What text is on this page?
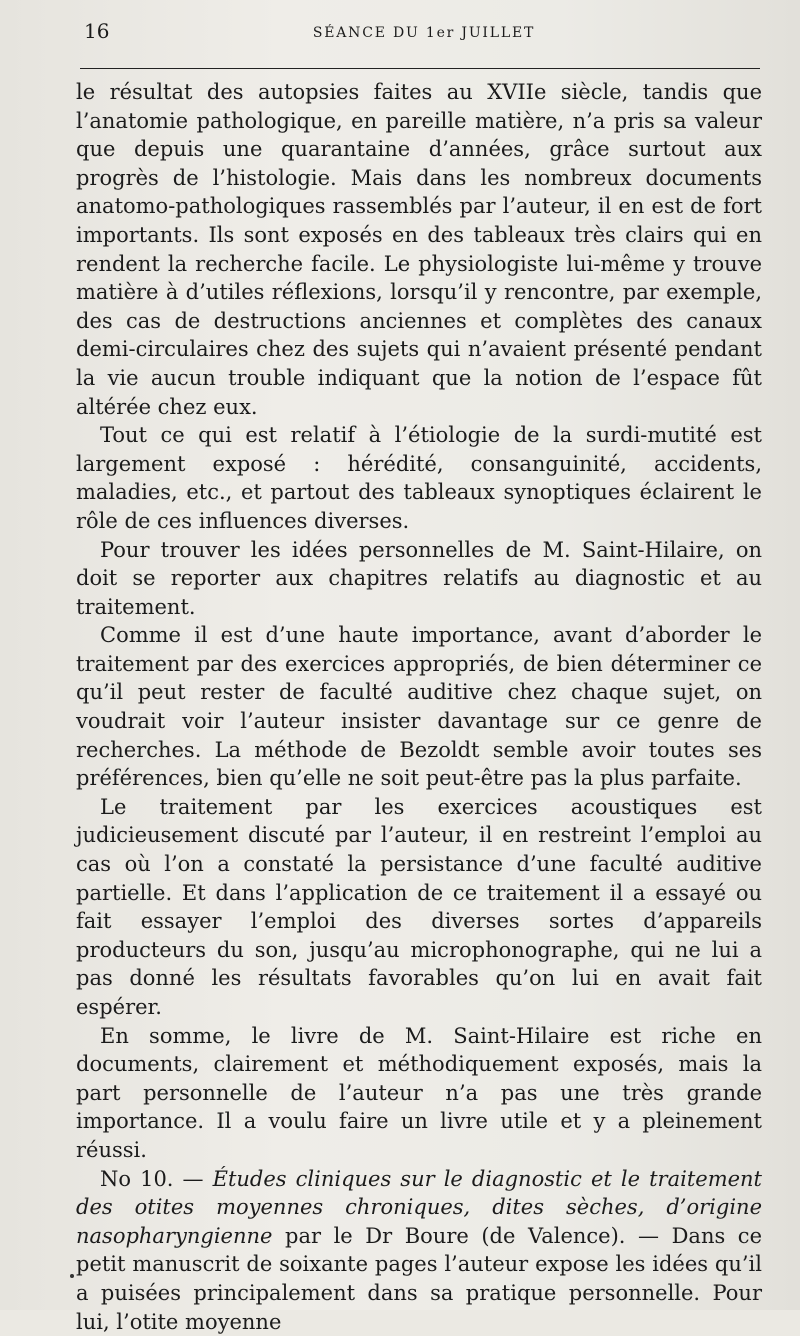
16	SÉANCE DU 1er JUILLET

le résultat des autopsies faites au XVIIe siècle, tandis que l’anatomie pathologique, en pareille matière, n’a pris sa valeur que depuis une quarantaine d’années, grâce surtout aux progrès de l’histologie. Mais dans les nombreux documents anatomo-pathologiques rassemblés par l’auteur, il en est de fort importants. Ils sont exposés en des tableaux très clairs qui en rendent la recherche facile. Le physiologiste lui-même y trouve matière à d’utiles réflexions, lorsqu’il y rencontre, par exemple, des cas de destructions anciennes et complètes des canaux demi-circulaires chez des sujets qui n’avaient présenté pendant la vie aucun trouble indiquant que la notion de l’espace fût altérée chez eux.

Tout ce qui est relatif à l’étiologie de la surdi-mutité est largement exposé : hérédité, consanguinité, accidents, maladies, etc., et partout des tableaux synoptiques éclairent le rôle de ces influences diverses.

Pour trouver les idées personnelles de M. Saint-Hilaire, on doit se reporter aux chapitres relatifs au diagnostic et au traitement.

Comme il est d’une haute importance, avant d’aborder le traitement par des exercices appropriés, de bien déterminer ce qu’il peut rester de faculté auditive chez chaque sujet, on voudrait voir l’auteur insister davantage sur ce genre de recherches. La méthode de Bezoldt semble avoir toutes ses préférences, bien qu’elle ne soit peut-être pas la plus parfaite.

Le traitement par les exercices acoustiques est judicieusement discuté par l’auteur, il en restreint l’emploi au cas où l’on a constaté la persistance d’une faculté auditive partielle. Et dans l’application de ce traitement il a essayé ou fait essayer l’emploi des diverses sortes d’appareils producteurs du son, jusqu’au microphonographe, qui ne lui a pas donné les résultats favorables qu’on lui en avait fait espérer.

En somme, le livre de M. Saint-Hilaire est riche en documents, clairement et méthodiquement exposés, mais la part personnelle de l’auteur n’a pas une très grande importance. Il a voulu faire un livre utile et y a pleinement réussi.

No 10. — Études cliniques sur le diagnostic et le traitement des otites moyennes chroniques, dites sèches, d’origine nasopharyngienne par le Dr Boure (de Valence). — Dans ce petit manuscrit de soixante pages l’auteur expose les idées qu’il a puisées principalement dans sa pratique personnelle. Pour lui, l’otite moyenne
